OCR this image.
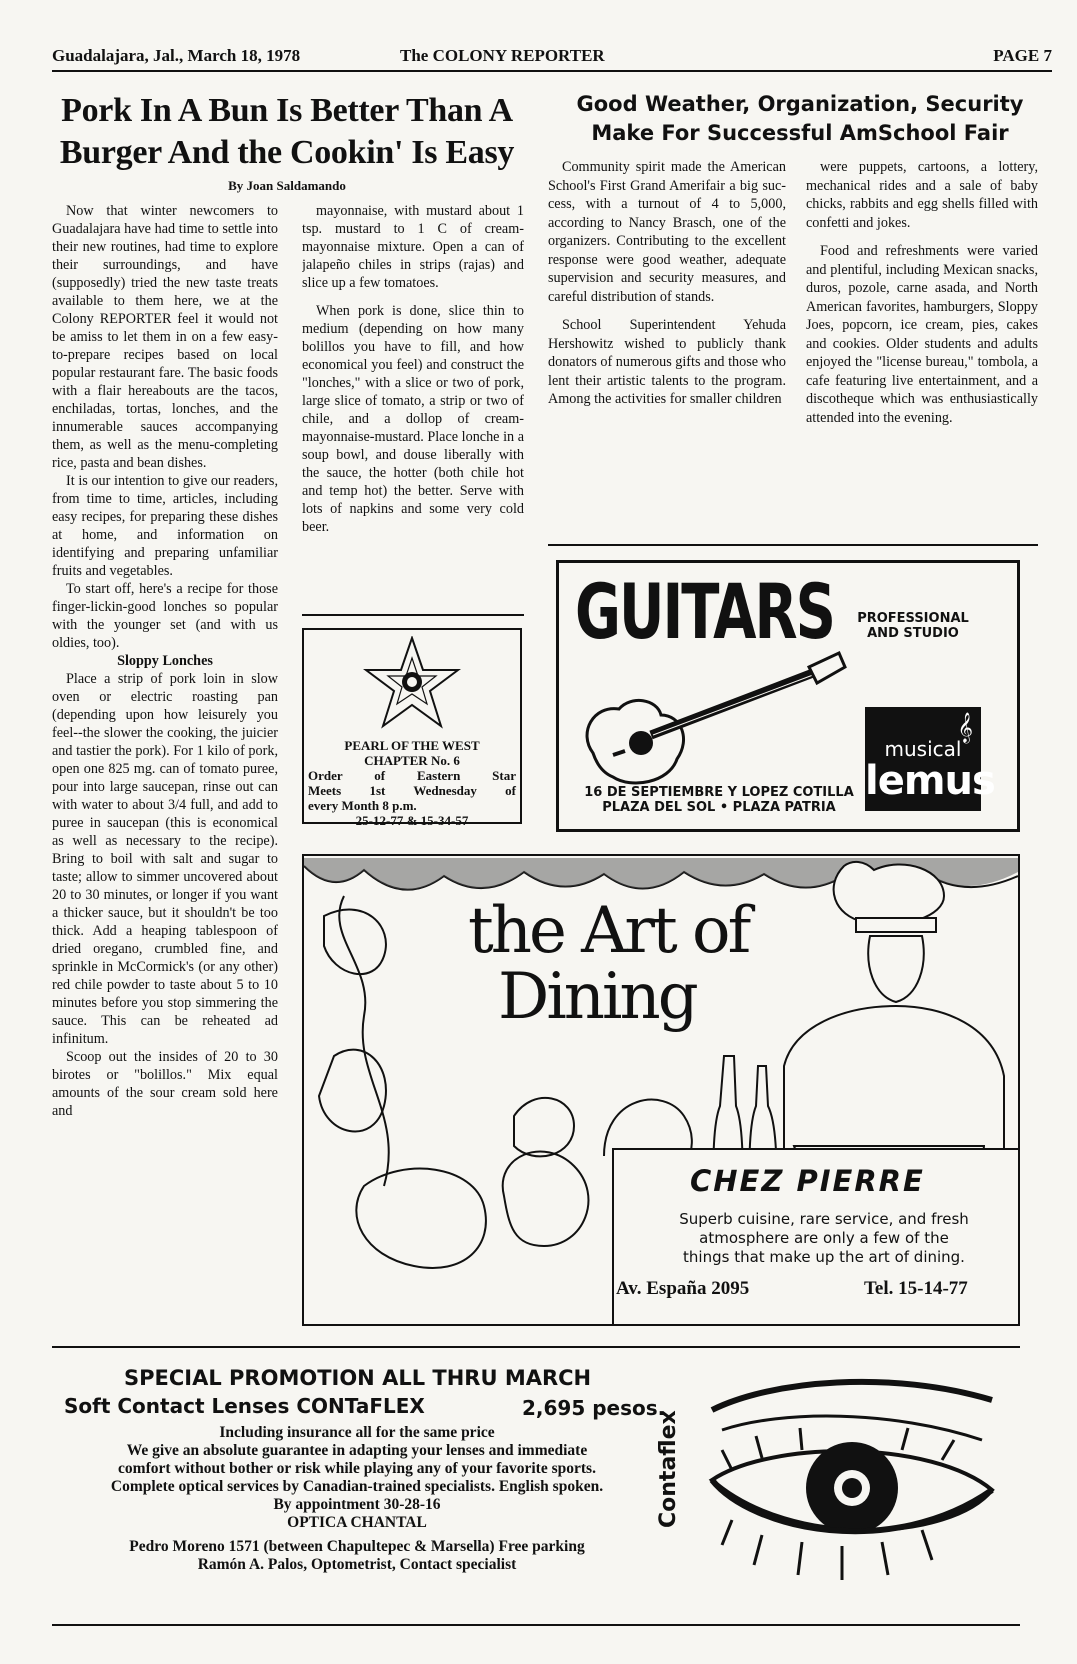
Guadalajara, Jal., March 18, 1978	The COLONY REPORTER	PAGE 7
Pork In A Bun Is Better Than A
Burger And the Cookin' Is Easy
By Joan Saldamando

Now that winter newcomers to Guadalajara have had time to settle into their new routines, had time to explore their surroundings, and have (supposedly) tried the new taste treats available to them here, we at the Colony REPORTER feel it would not be amiss to let them in on a few easy-to-prepare recipes based on local popular restaurant fare. The basic foods with a flair hereabouts are the tacos, enchiladas, tortas, lonches, and the innumerable sauces accompanying them, as well as the menu-completing rice, pasta and bean dishes.

It is our intention to give our readers, from time to time, articles, including easy recipes, for preparing these dishes at home, and information on identifying and preparing unfamiliar fruits and vegetables.

To start off, here's a recipe for those finger-lickin-good lonches so popular with the younger set (and with us oldies, too).

Sloppy Lonches

Place a strip of pork loin in slow oven or electric roasting pan (depending upon how leisurely you feel--the slower the cooking, the juicier and tastier the pork). For 1 kilo of pork, open one 825 mg. can of tomato puree, pour into large saucepan, rinse out can with water to about 3/4 full, and add to puree in saucepan (this is economical as well as necessary to the recipe). Bring to boil with salt and sugar to taste; allow to simmer uncovered about 20 to 30 minutes, or longer if you want a thicker sauce, but it shouldn't be too thick. Add a heaping tablespoon of dried oregano, crumbled fine, and sprinkle in McCormick's (or any other) red chile powder to taste about 5 to 10 minutes before you stop simmering the sauce. This can be reheated ad infinitum.

Scoop out the insides of 20 to 30 birotes or "bolillos." Mix equal amounts of the sour cream sold here and

mayonnaise, with mustard about 1 tsp. mustard to 1 C of cream-mayonnaise mixture. Open a can of jalapeño chiles in strips (rajas) and slice up a few tomatoes.

When pork is done, slice thin to medium (depending on how many bolillos you have to fill, and how economical you feel) and construct the "lonches," with a slice or two of pork, large slice of tomato, a strip or two of chile, and a dollop of cream-mayonnaise-mustard. Place lonche in a soup bowl, and douse liberally with the sauce, the hotter (both chile hot and temp hot) the better. Serve with lots of napkins and some very cold beer.

PEARL OF THE WEST
CHAPTER No. 6
Order of Eastern Star
Meets 1st Wednesday of
every Month 8 p.m.
25-12-77 & 15-34-57
Good Weather, Organization, Security
Make For Successful AmSchool Fair

Community spirit made the American School's First Grand Amerifair a big success, with a turnout of 4 to 5,000, according to Nancy Brasch, one of the organizers. Contributing to the excellent response were good weather, adequate supervision and security measures, and careful distribution of stands.

School Superintendent Yehuda Hershowitz wished to publicly thank donators of numerous gifts and those who lent their artistic talents to the program. Among the activities for smaller children

were puppets, cartoons, a lottery, mechanical rides and a sale of baby chicks, rabbits and egg shells filled with confetti and jokes.

Food and refreshments were varied and plentiful, including Mexican snacks, duros, pozole, carne asada, and North American favorites, hamburgers, Sloppy Joes, popcorn, ice cream, pies, cakes and cookies. Older students and adults enjoyed the "license bureau," tombola, a cafe featuring live entertainment, and a discotheque which was enthusiastically attended into the evening.

GUITARS	PROFESSIONAL
AND STUDIO
16 DE SEPTIEMBRE Y LOPEZ COTILLA
PLAZA DEL SOL • PLAZA PATRIA
musical
lemus
𝄞
the Art of
Dining
CHEZ PIERRE
Superb cuisine, rare service, and fresh
atmosphere are only a few of the
things that make up the art of dining.
Av. España 2095	Tel. 15-14-77
SPECIAL PROMOTION ALL THRU MARCH
Soft Contact Lenses CONTaFLEX	2,695 pesos.
Including insurance all for the same price
We give an absolute guarantee in adapting your lenses and immediate
comfort without bother or risk while playing any of your favorite sports.
Complete optical services by Canadian-trained specialists. English spoken.
By appointment 30-28-16
OPTICA CHANTAL
Pedro Moreno 1571 (between Chapultepec & Marsella) Free parking
Ramón A. Palos, Optometrist, Contact specialist
Contaflex
